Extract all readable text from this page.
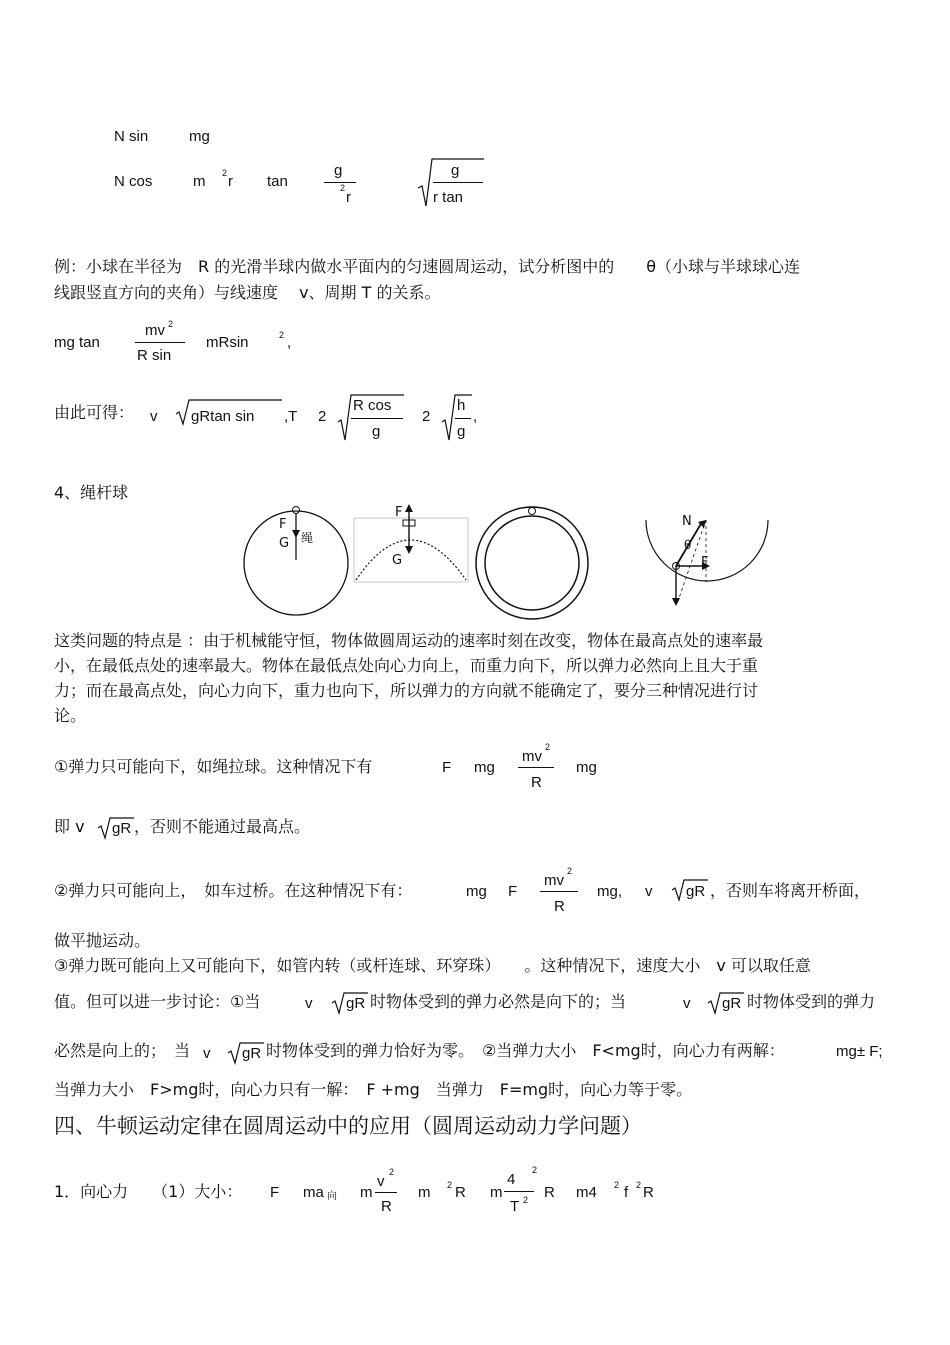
N sin	mg
N cos	m 2 r tan
g
2
r
g
r tan
例：小球在半径为　R 的光滑半球内做水平面内的匀速圆周运动，试分析图中的　　θ（小球与半球球心连
线跟竖直方向的夹角）与线速度　 v、周期 T 的关系。
mg tan
mv 2
R sin
mRsin	2 ,
由此可得： v gRtan sin ,T 2
R cos
g
2
h
g
,
4、绳杆球
F
G 绳
F
G
N
θ
F
这类问题的特点是 ：由于机械能守恒，物体做圆周运动的速率时刻在改变，物体在最高点处的速率最
小，在最低点处的速率最大。物体在最低点处向心力向上，而重力向下，所以弹力必然向上且大于重
力；而在最高点处，向心力向下，重力也向下，所以弹力的方向就不能确定了，要分三种情况进行讨
论。
①弹力只可能向下，如绳拉球。这种情况下有	F mg
mv
2
R
mg
即 v gR ，否则不能通过最高点。
②弹力只可能向上，　如车过桥。在这种情况下有：	mg F
mv
2
R
mg, v gR ，否则车将离开桥面，
做平抛运动。
③弹力既可能向上又可能向下，如管内转（或杆连球、环穿珠）　　。这种情况下，速度大小　v 可以取任意
值。但可以进一步讨论：①当	v gR 时物体受到的弹力必然是向下的；当	v gR 时物体受到的弹力
必然是向上的；　当 v gR 时物体受到的弹力恰好为零。　②当弹力大小　F<mg时，向心力有两解：	mg± F;
当弹力大小　F>mg时，向心力只有一解：　F +mg　当弹力　F=mg时，向心力等于零。
四、牛顿运动定律在圆周运动中的应用（圆周运动动力学问题）
1．向心力　　（1）大小： F ma 向 m
v
2
R
m 2 R m
4
2
T 2 R m4 2 f 2 R
